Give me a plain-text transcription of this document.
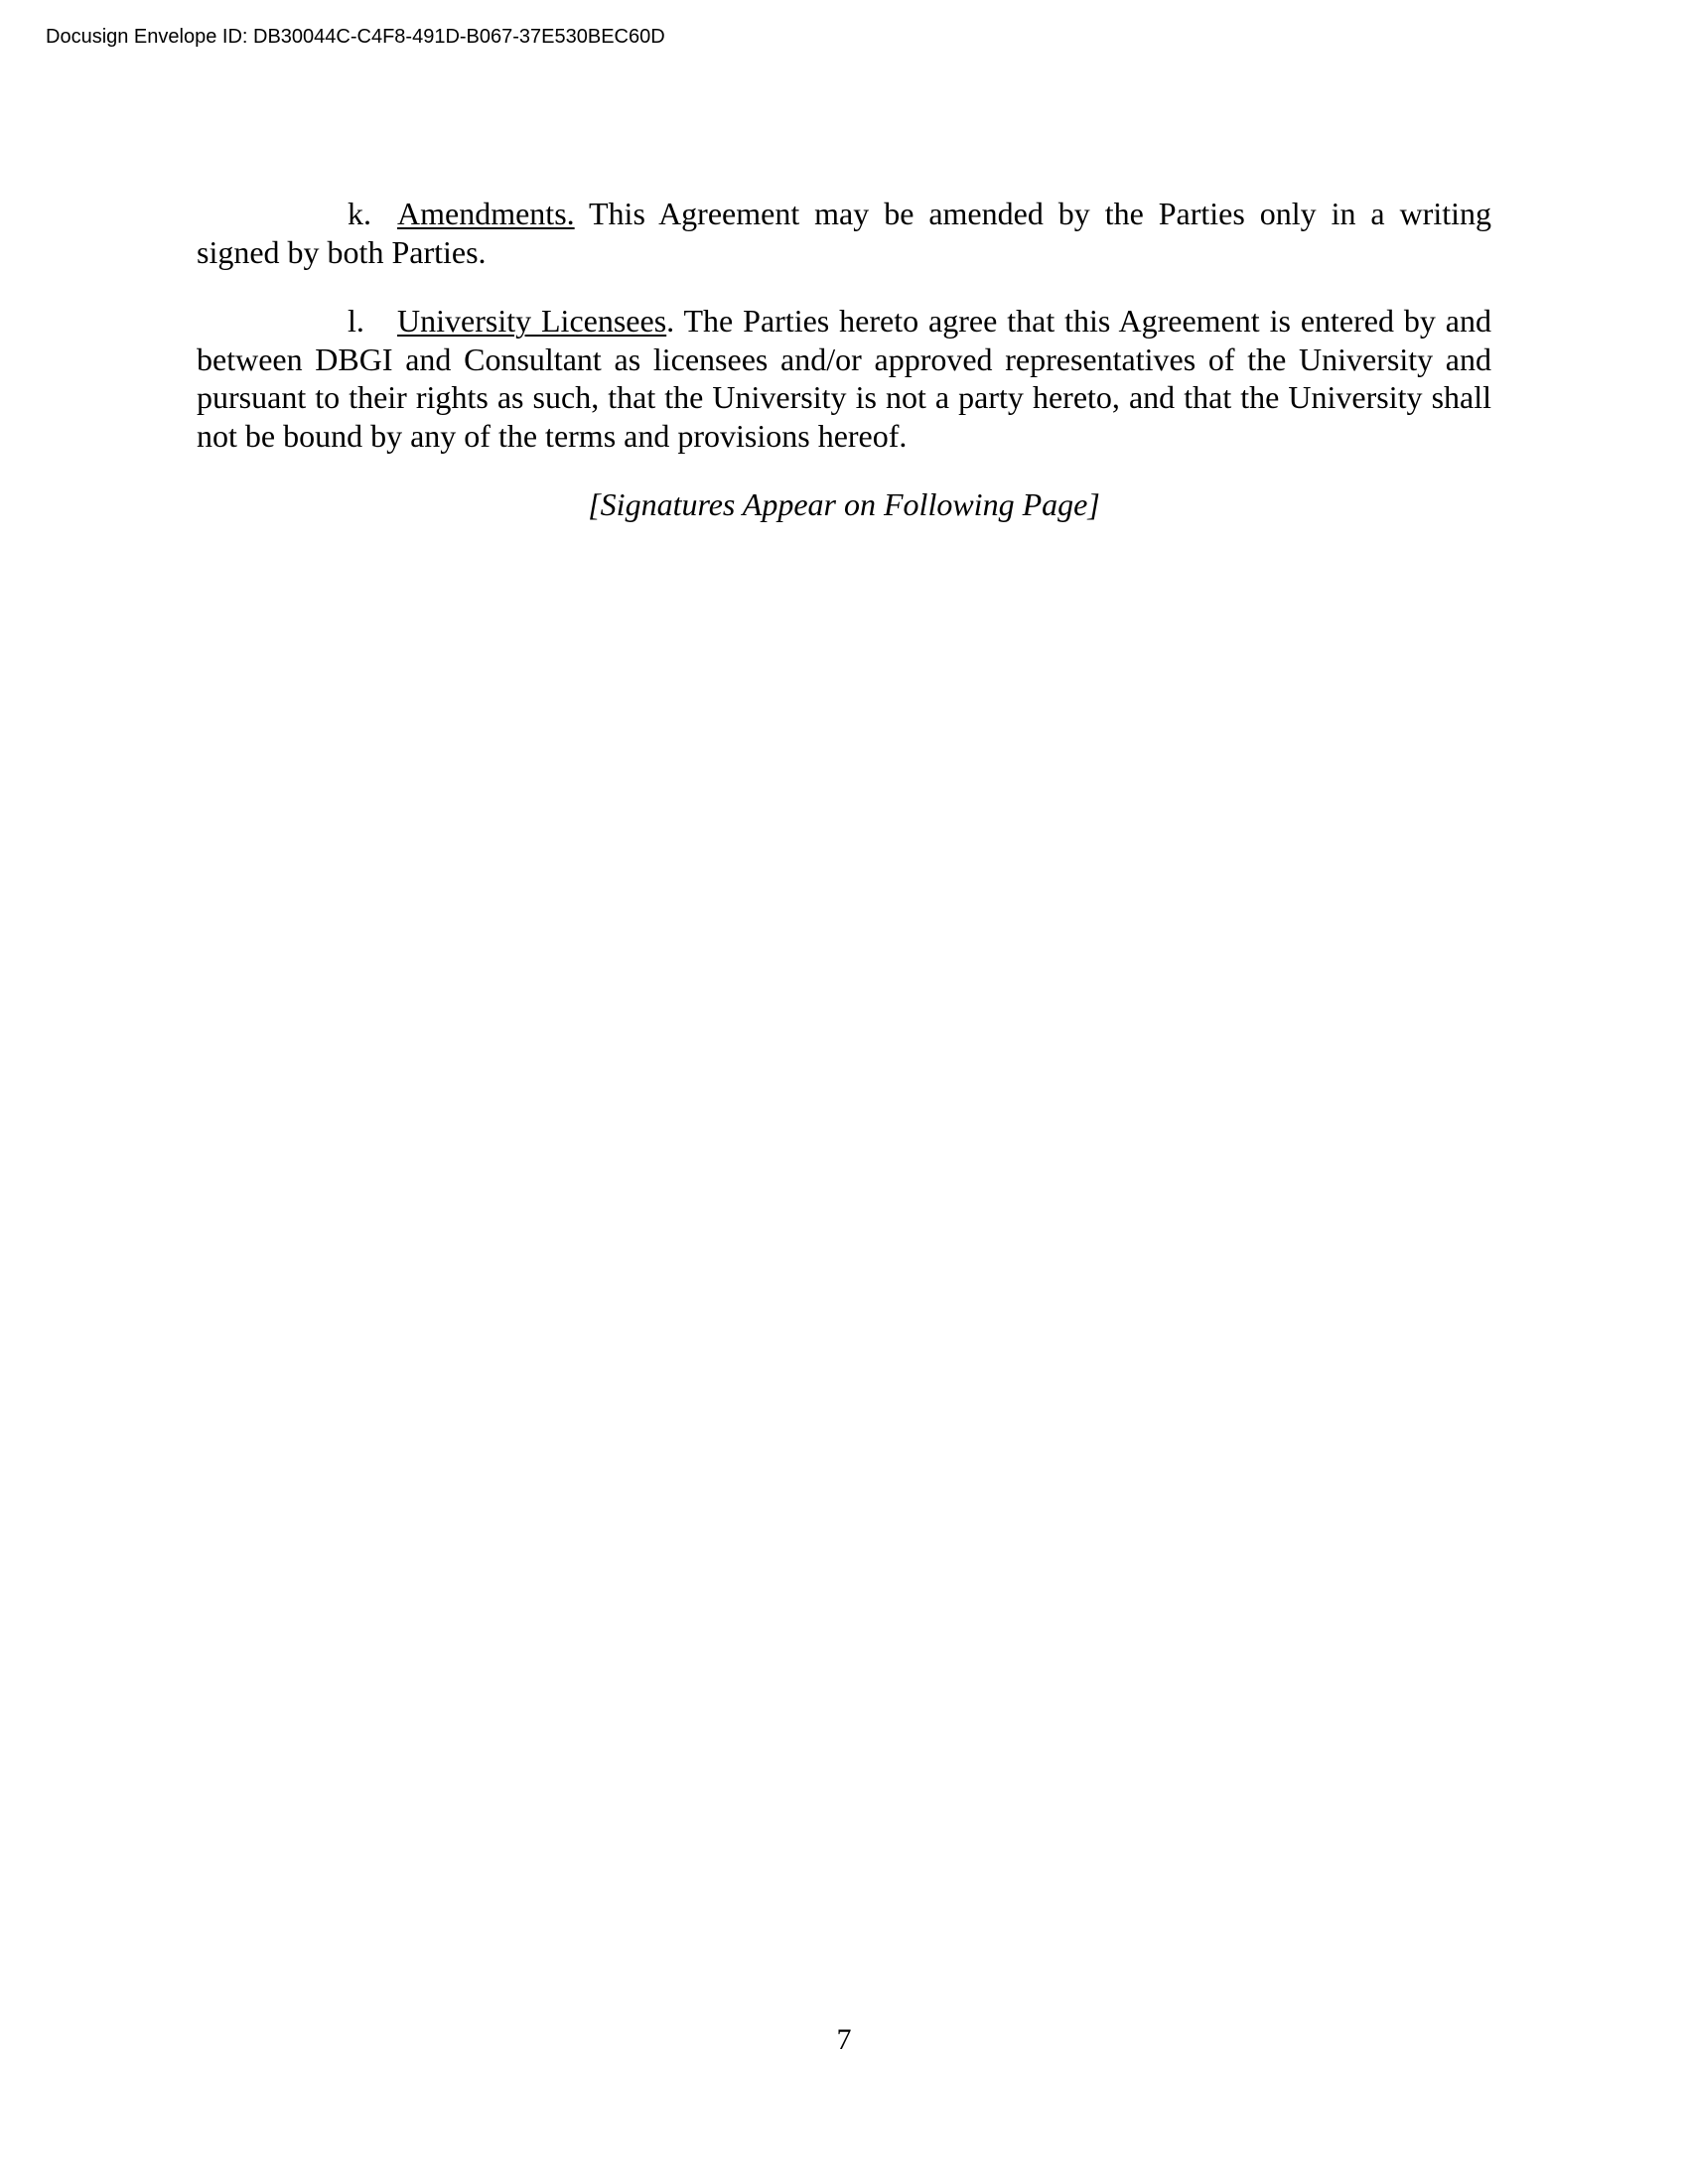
Docusign Envelope ID: DB30044C-C4F8-491D-B067-37E530BEC60D

k. Amendments. This Agreement may be amended by the Parties only in a writing signed by both Parties.

l. University Licensees. The Parties hereto agree that this Agreement is entered by and between DBGI and Consultant as licensees and/or approved representatives of the University and pursuant to their rights as such, that the University is not a party hereto, and that the University shall not be bound by any of the terms and provisions hereof.

[Signatures Appear on Following Page]

7
